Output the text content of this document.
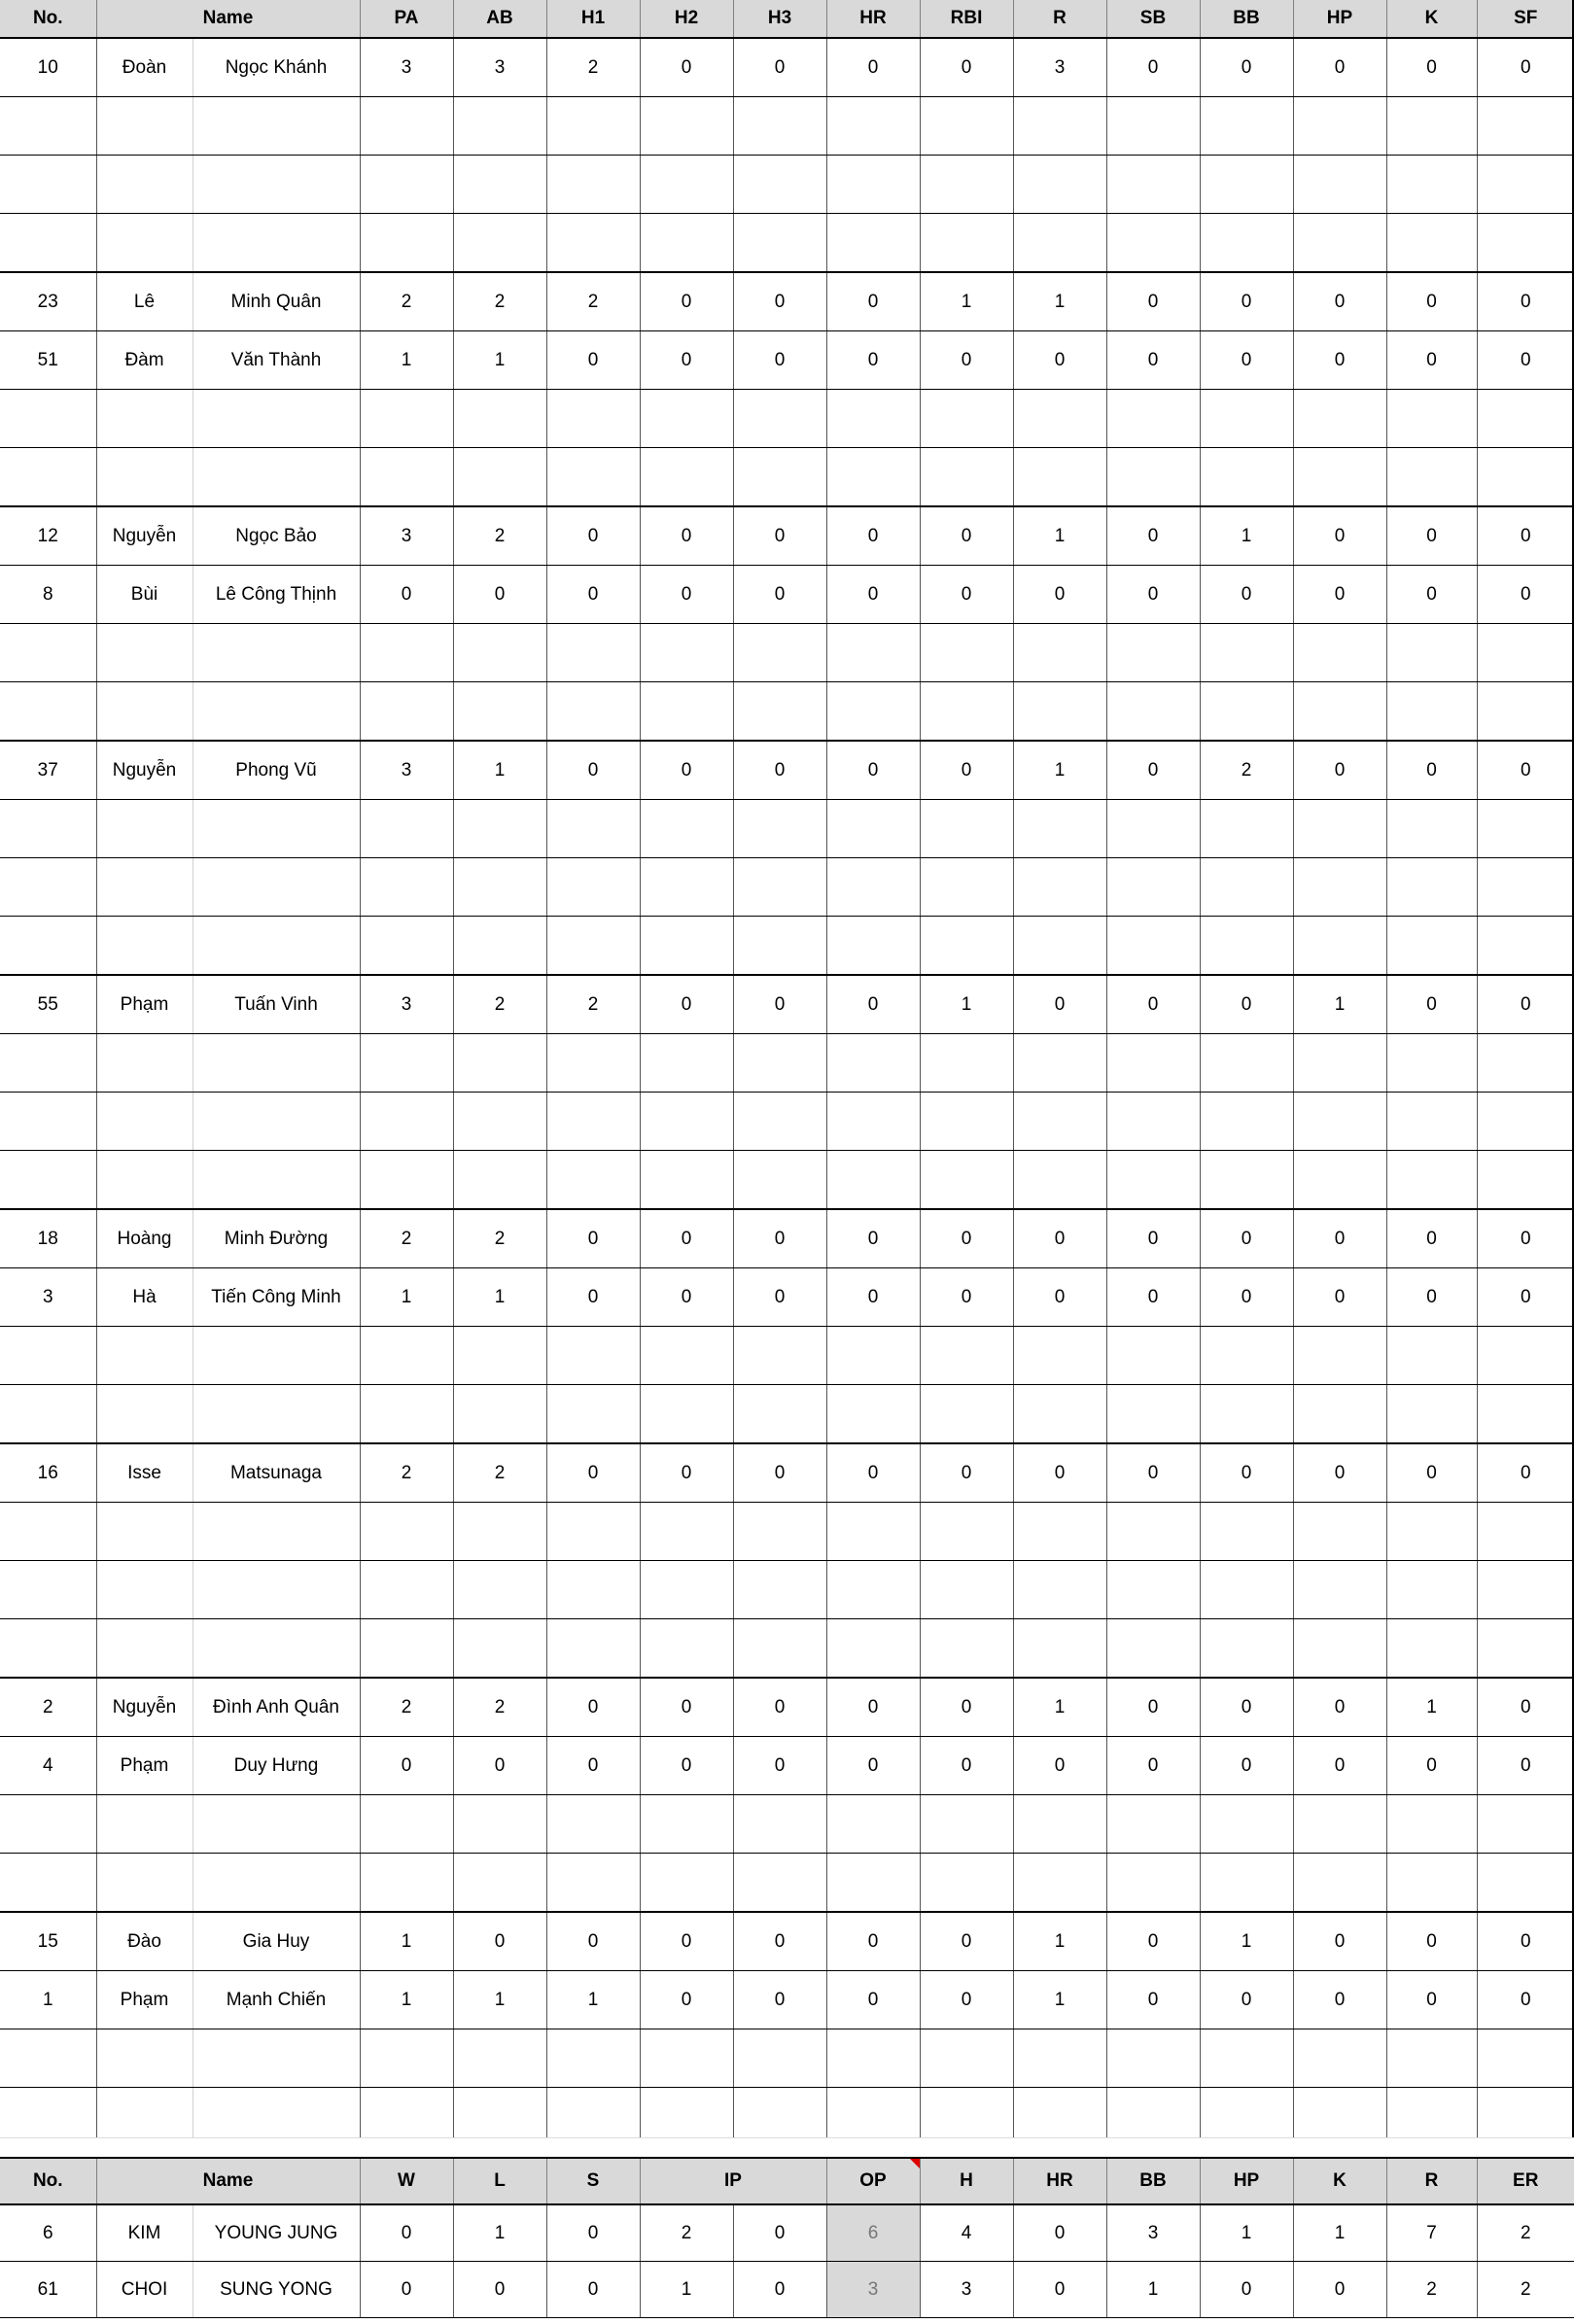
No.	Name		PA	AB	H1	H2	H3	HR	RBI	R	SB	BB	HP	K	SF
10	Đoàn	Ngọc Khánh	3	3	2	0	0	0	0	3	0	0	0	0	0

23	Lê	Minh Quân	2	2	2	0	0	0	1	1	0	0	0	0	0
51	Đàm	Văn Thành	1	1	0	0	0	0	0	0	0	0	0	0	0

12	Nguyễn	Ngọc Bảo	3	2	0	0	0	0	0	1	0	1	0	0	0
8	Bùi	Lê Công Thịnh	0	0	0	0	0	0	0	0	0	0	0	0	0

37	Nguyễn	Phong Vũ	3	1	0	0	0	0	0	1	0	2	0	0	0

55	Phạm	Tuấn Vinh	3	2	2	0	0	0	1	0	0	0	1	0	0

18	Hoàng	Minh Đường	2	2	0	0	0	0	0	0	0	0	0	0	0
3	Hà	Tiến Công Minh	1	1	0	0	0	0	0	0	0	0	0	0	0

16	Isse	Matsunaga	2	2	0	0	0	0	0	0	0	0	0	0	0

2	Nguyễn	Đình Anh Quân	2	2	0	0	0	0	0	1	0	0	0	1	0
4	Phạm	Duy Hưng	0	0	0	0	0	0	0	0	0	0	0	0	0

15	Đào	Gia Huy	1	0	0	0	0	0	0	1	0	1	0	0	0
1	Phạm	Mạnh Chiến	1	1	1	0	0	0	0	1	0	0	0	0	0

No.	Name		W	L	S	IP		OP	H	HR	BB	HP	K	R	ER
6	KIM	YOUNG JUNG	0	1	0	2	0	6	4	0	3	1	1	7	2
61	CHOI	SUNG YONG	0	0	0	1	0	3	3	0	1	0	0	2	2
